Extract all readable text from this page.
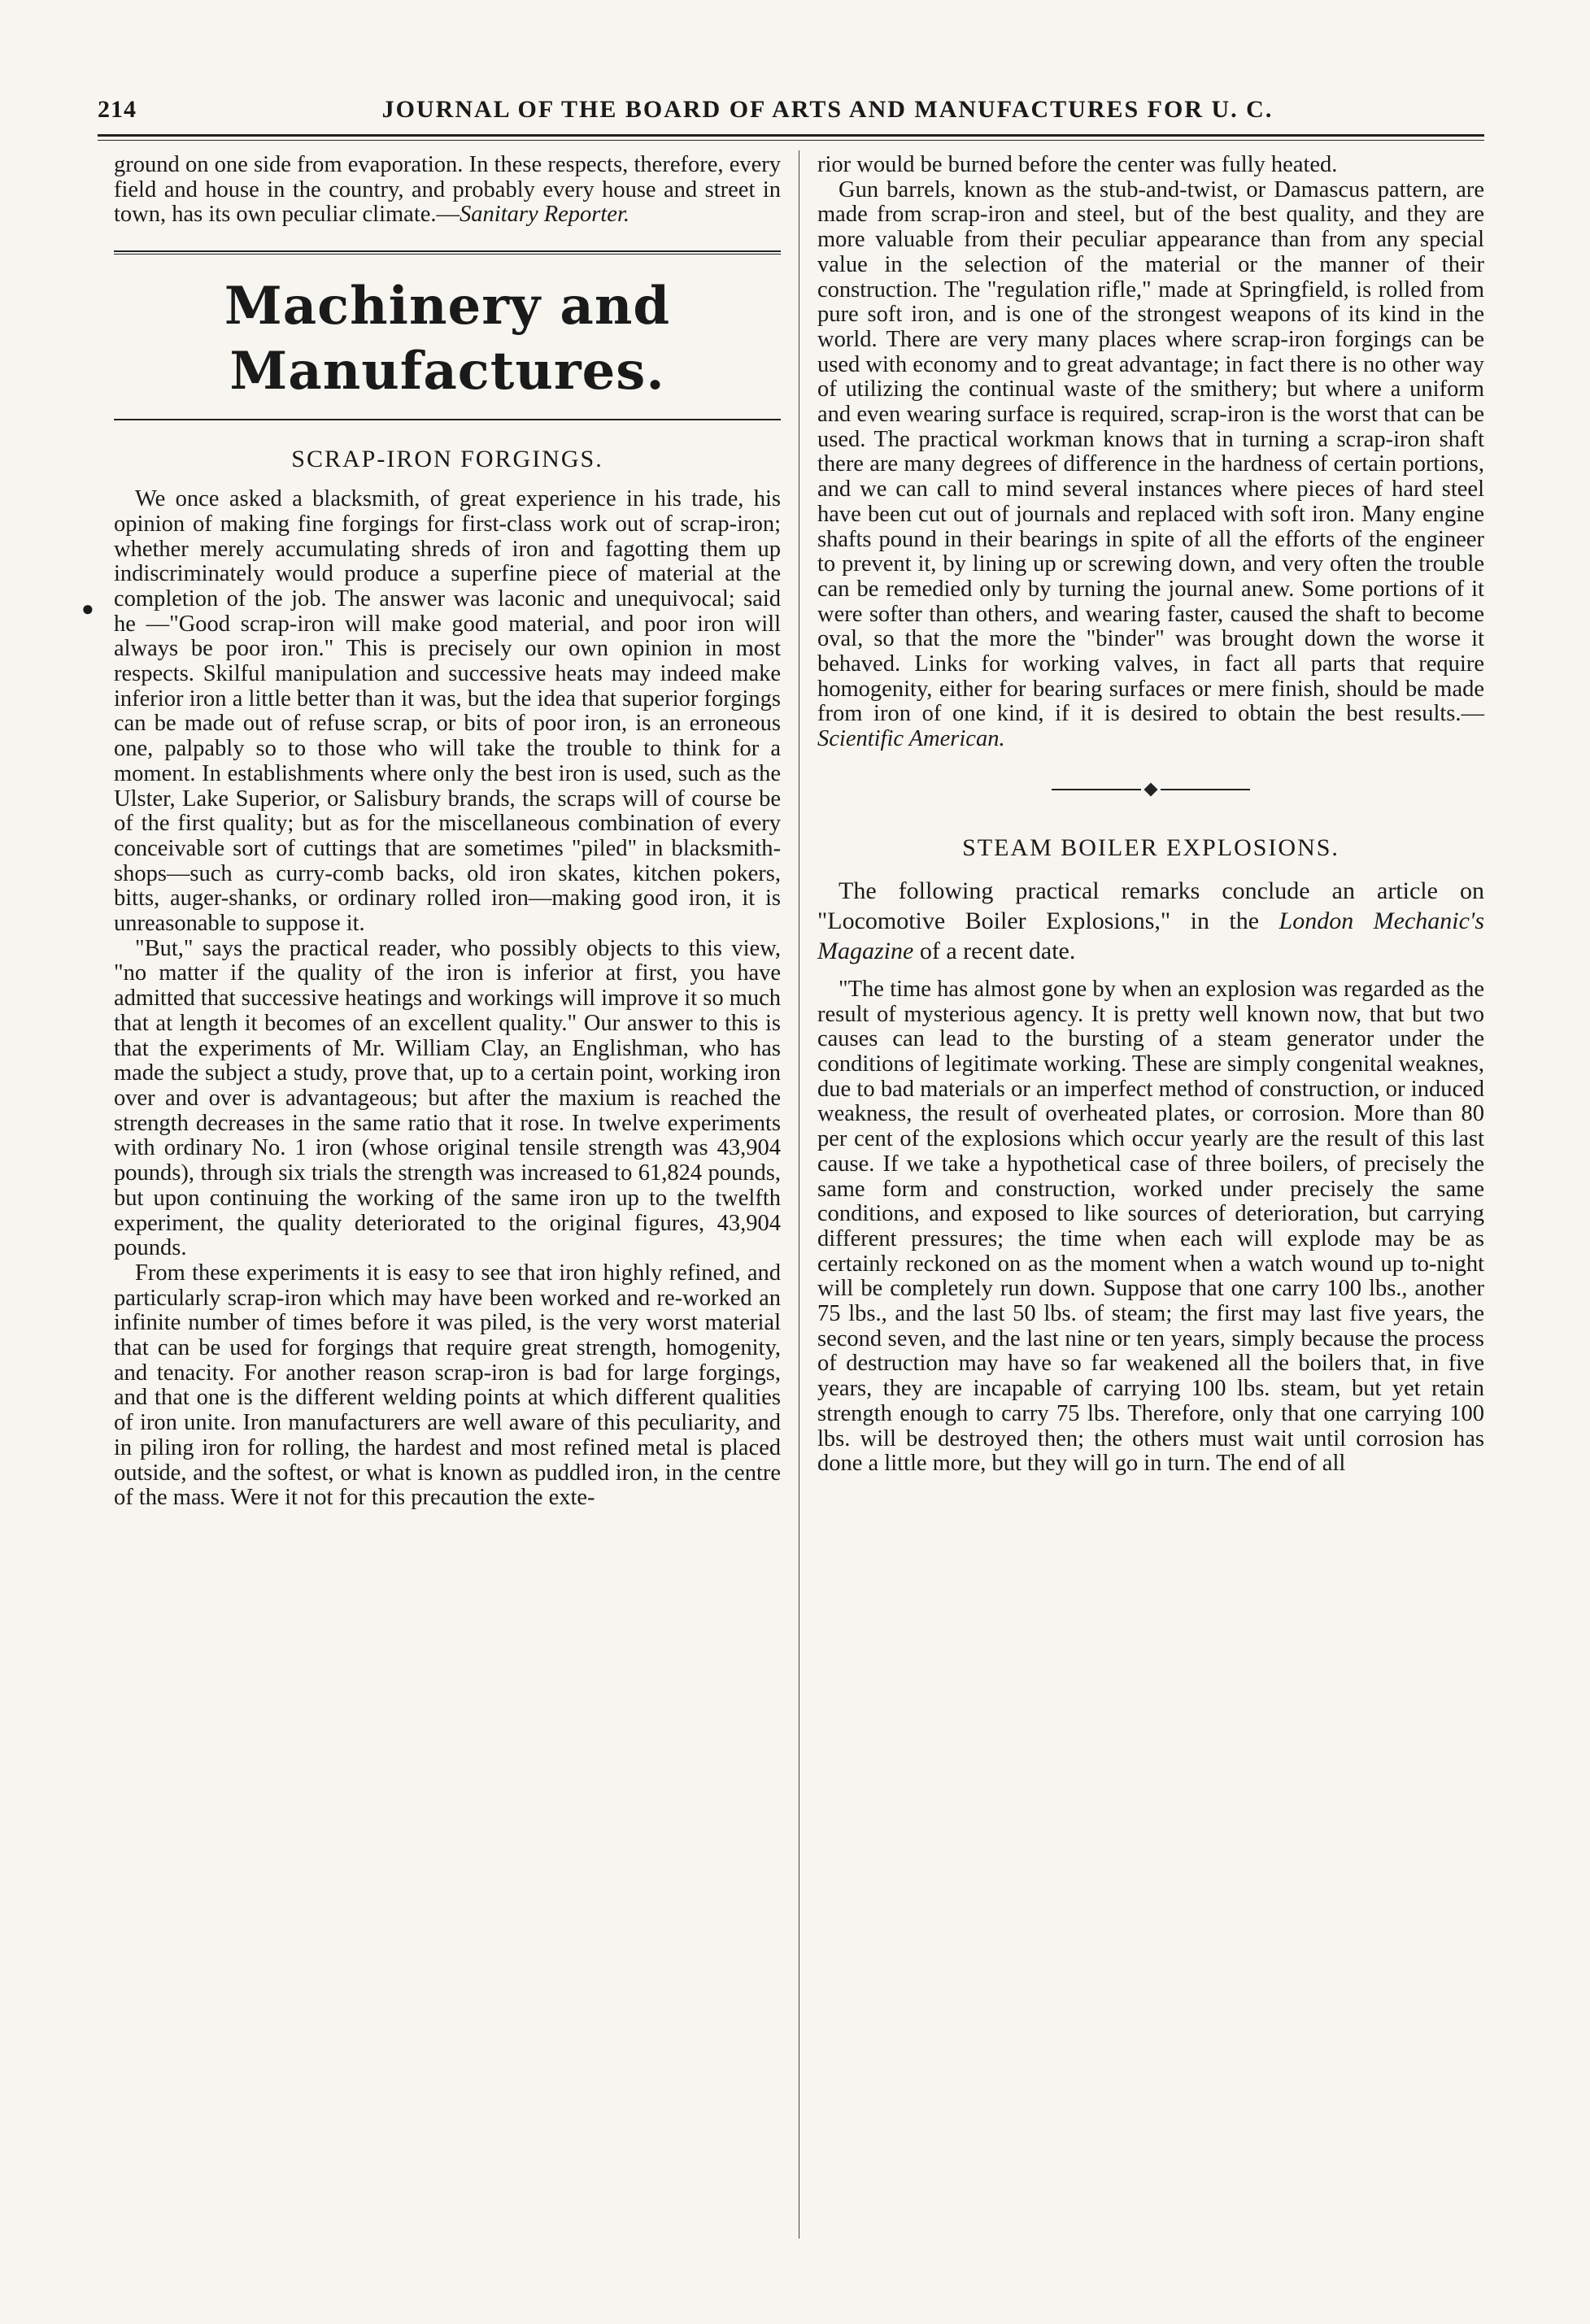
214	JOURNAL OF THE BOARD OF ARTS AND MANUFACTURES FOR U. C.
●

ground on one side from evaporation. In these respects, therefore, every field and house in the country, and probably every house and street in town, has its own peculiar climate.—Sanitary Reporter.

Machinery and Manufactures.
SCRAP-IRON FORGINGS.

We once asked a blacksmith, of great experience in his trade, his opinion of making fine forgings for first-class work out of scrap-iron; whether merely accumulating shreds of iron and fagotting them up indiscriminately would produce a superfine piece of material at the completion of the job. The answer was laconic and unequivocal; said he —"Good scrap-iron will make good material, and poor iron will always be poor iron." This is precisely our own opinion in most respects. Skilful manipulation and successive heats may indeed make inferior iron a little better than it was, but the idea that superior forgings can be made out of refuse scrap, or bits of poor iron, is an erroneous one, palpably so to those who will take the trouble to think for a moment. In establishments where only the best iron is used, such as the Ulster, Lake Superior, or Salisbury brands, the scraps will of course be of the first quality; but as for the miscellaneous combination of every conceivable sort of cuttings that are sometimes "piled" in blacksmith-shops—such as curry-comb backs, old iron skates, kitchen pokers, bitts, auger-shanks, or ordinary rolled iron—making good iron, it is unreasonable to suppose it.

"But," says the practical reader, who possibly objects to this view, "no matter if the quality of the iron is inferior at first, you have admitted that successive heatings and workings will improve it so much that at length it becomes of an excellent quality." Our answer to this is that the experiments of Mr. William Clay, an Englishman, who has made the subject a study, prove that, up to a certain point, working iron over and over is advantageous; but after the maxium is reached the strength decreases in the same ratio that it rose. In twelve experiments with ordinary No. 1 iron (whose original tensile strength was 43,904 pounds), through six trials the strength was increased to 61,824 pounds, but upon continuing the working of the same iron up to the twelfth experiment, the quality deteriorated to the original figures, 43,904 pounds.

From these experiments it is easy to see that iron highly refined, and particularly scrap-iron which may have been worked and re-worked an infinite number of times before it was piled, is the very worst material that can be used for forgings that require great strength, homogenity, and tenacity. For another reason scrap-iron is bad for large forgings, and that one is the different welding points at which different qualities of iron unite. Iron manufacturers are well aware of this peculiarity, and in piling iron for rolling, the hardest and most refined metal is placed outside, and the softest, or what is known as puddled iron, in the centre of the mass. Were it not for this precaution the exte-

rior would be burned before the center was fully heated.

Gun barrels, known as the stub-and-twist, or Damascus pattern, are made from scrap-iron and steel, but of the best quality, and they are more valuable from their peculiar appearance than from any special value in the selection of the material or the manner of their construction. The "regulation rifle," made at Springfield, is rolled from pure soft iron, and is one of the strongest weapons of its kind in the world. There are very many places where scrap-iron forgings can be used with economy and to great advantage; in fact there is no other way of utilizing the continual waste of the smithery; but where a uniform and even wearing surface is required, scrap-iron is the worst that can be used. The practical workman knows that in turning a scrap-iron shaft there are many degrees of difference in the hardness of certain portions, and we can call to mind several instances where pieces of hard steel have been cut out of journals and replaced with soft iron. Many engine shafts pound in their bearings in spite of all the efforts of the engineer to prevent it, by lining up or screwing down, and very often the trouble can be remedied only by turning the journal anew. Some portions of it were softer than others, and wearing faster, caused the shaft to become oval, so that the more the "binder" was brought down the worse it behaved. Links for working valves, in fact all parts that require homogenity, either for bearing surfaces or mere finish, should be made from iron of one kind, if it is desired to obtain the best results.—Scientific American.

STEAM BOILER EXPLOSIONS.

The following practical remarks conclude an article on "Locomotive Boiler Explosions," in the London Mechanic's Magazine of a recent date.

"The time has almost gone by when an explosion was regarded as the result of mysterious agency. It is pretty well known now, that but two causes can lead to the bursting of a steam generator under the conditions of legitimate working. These are simply congenital weaknes, due to bad materials or an imperfect method of construction, or induced weakness, the result of overheated plates, or corrosion. More than 80 per cent of the explosions which occur yearly are the result of this last cause. If we take a hypothetical case of three boilers, of precisely the same form and construction, worked under precisely the same conditions, and exposed to like sources of deterioration, but carrying different pressures; the time when each will explode may be as certainly reckoned on as the moment when a watch wound up to-night will be completely run down. Suppose that one carry 100 lbs., another 75 lbs., and the last 50 lbs. of steam; the first may last five years, the second seven, and the last nine or ten years, simply because the process of destruction may have so far weakened all the boilers that, in five years, they are incapable of carrying 100 lbs. steam, but yet retain strength enough to carry 75 lbs. Therefore, only that one carrying 100 lbs. will be destroyed then; the others must wait until corrosion has done a little more, but they will go in turn. The end of all
